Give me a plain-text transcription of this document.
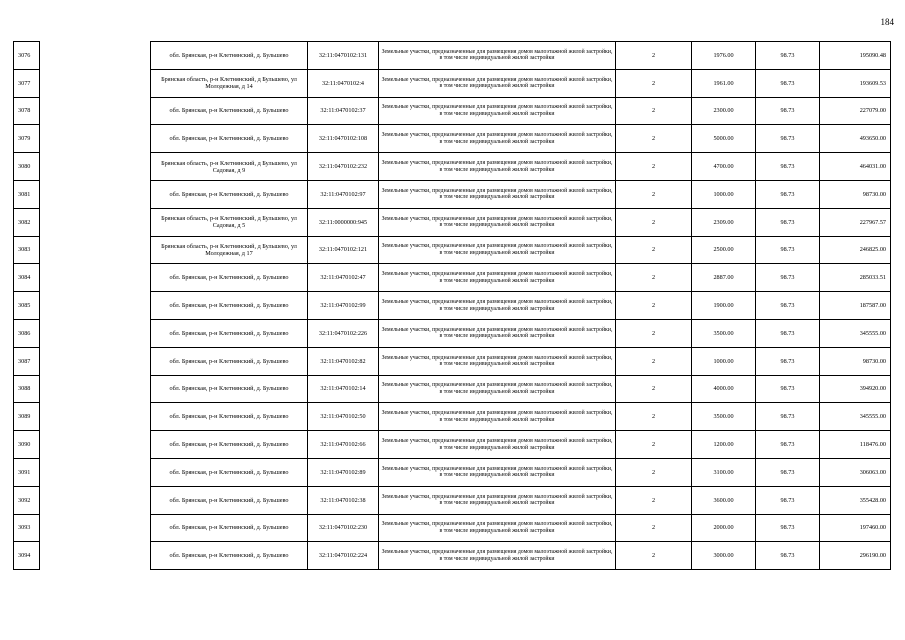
184
3076		обл. Брянская, р-н Клетнянский, д. Бульшево	32:11:0470102:131	Земельные участки, предназначенные для размещения домов малоэтажной жилой застройки, в том числе индивидуальной жилой застройки	2	1976.00	98.73	195090.48
3077		Брянская область, р-н Клетнянский, д Бульшево, ул Молодежная, д 14	32:11:0470102:4	Земельные участки, предназначенные для размещения домов малоэтажной жилой застройки, в том числе индивидуальной жилой застройки	2	1961.00	98.73	193609.53
3078		обл. Брянская, р-н Клетнянский, д. Бульшево	32:11:0470102:37	Земельные участки, предназначенные для размещения домов малоэтажной жилой застройки, в том числе индивидуальной жилой застройки	2	2300.00	98.73	227079.00
3079		обл. Брянская, р-н Клетнянский, д. Бульшево	32:11:0470102:108	Земельные участки, предназначенные для размещения домов малоэтажной жилой застройки, в том числе индивидуальной жилой застройки	2	5000.00	98.73	493650.00
3080		Брянская область, р-н Клетнянский, д Бульшево, ул Садовая, д 9	32:11:0470102:232	Земельные участки, предназначенные для размещения домов малоэтажной жилой застройки, в том числе индивидуальной жилой застройки	2	4700.00	98.73	464031.00
3081		обл. Брянская, р-н Клетнянский, д. Бульшево	32:11:0470102:97	Земельные участки, предназначенные для размещения домов малоэтажной жилой застройки, в том числе индивидуальной жилой застройки	2	1000.00	98.73	98730.00
3082		Брянская область, р-н Клетнянский, д Бульшево, ул Садовая, д 5	32:11:0000000:945	Земельные участки, предназначенные для размещения домов малоэтажной жилой застройки, в том числе индивидуальной жилой застройки	2	2309.00	98.73	227967.57
3083		Брянская область, р-н Клетнянский, д Бульшево, ул Молодежная, д 17	32:11:0470102:121	Земельные участки, предназначенные для размещения домов малоэтажной жилой застройки, в том числе индивидуальной жилой застройки	2	2500.00	98.73	246825.00
3084		обл. Брянская, р-н Клетнянский, д. Бульшево	32:11:0470102:47	Земельные участки, предназначенные для размещения домов малоэтажной жилой застройки, в том числе индивидуальной жилой застройки	2	2887.00	98.73	285033.51
3085		обл. Брянская, р-н Клетнянский, д. Бульшево	32:11:0470102:99	Земельные участки, предназначенные для размещения домов малоэтажной жилой застройки, в том числе индивидуальной жилой застройки	2	1900.00	98.73	187587.00
3086		обл. Брянская, р-н Клетнянский, д. Бульшево	32:11:0470102:226	Земельные участки, предназначенные для размещения домов малоэтажной жилой застройки, в том числе индивидуальной жилой застройки	2	3500.00	98.73	345555.00
3087		обл. Брянская, р-н Клетнянский, д. Бульшево	32:11:0470102:82	Земельные участки, предназначенные для размещения домов малоэтажной жилой застройки, в том числе индивидуальной жилой застройки	2	1000.00	98.73	98730.00
3088		обл. Брянская, р-н Клетнянский, д. Бульшево	32:11:0470102:14	Земельные участки, предназначенные для размещения домов малоэтажной жилой застройки, в том числе индивидуальной жилой застройки	2	4000.00	98.73	394920.00
3089		обл. Брянская, р-н Клетнянский, д. Бульшево	32:11:0470102:50	Земельные участки, предназначенные для размещения домов малоэтажной жилой застройки, в том числе индивидуальной жилой застройки	2	3500.00	98.73	345555.00
3090		обл. Брянская, р-н Клетнянский, д. Бульшево	32:11:0470102:66	Земельные участки, предназначенные для размещения домов малоэтажной жилой застройки, в том числе индивидуальной жилой застройки	2	1200.00	98.73	118476.00
3091		обл. Брянская, р-н Клетнянский, д. Бульшево	32:11:0470102:89	Земельные участки, предназначенные для размещения домов малоэтажной жилой застройки, в том числе индивидуальной жилой застройки	2	3100.00	98.73	306063.00
3092		обл. Брянская, р-н Клетнянский, д. Бульшево	32:11:0470102:38	Земельные участки, предназначенные для размещения домов малоэтажной жилой застройки, в том числе индивидуальной жилой застройки	2	3600.00	98.73	355428.00
3093		обл. Брянская, р-н Клетнянский, д. Бульшево	32:11:0470102:230	Земельные участки, предназначенные для размещения домов малоэтажной жилой застройки, в том числе индивидуальной жилой застройки	2	2000.00	98.73	197460.00
3094		обл. Брянская, р-н Клетнянский, д. Бульшево	32:11:0470102:224	Земельные участки, предназначенные для размещения домов малоэтажной жилой застройки, в том числе индивидуальной жилой застройки	2	3000.00	98.73	296190.00
